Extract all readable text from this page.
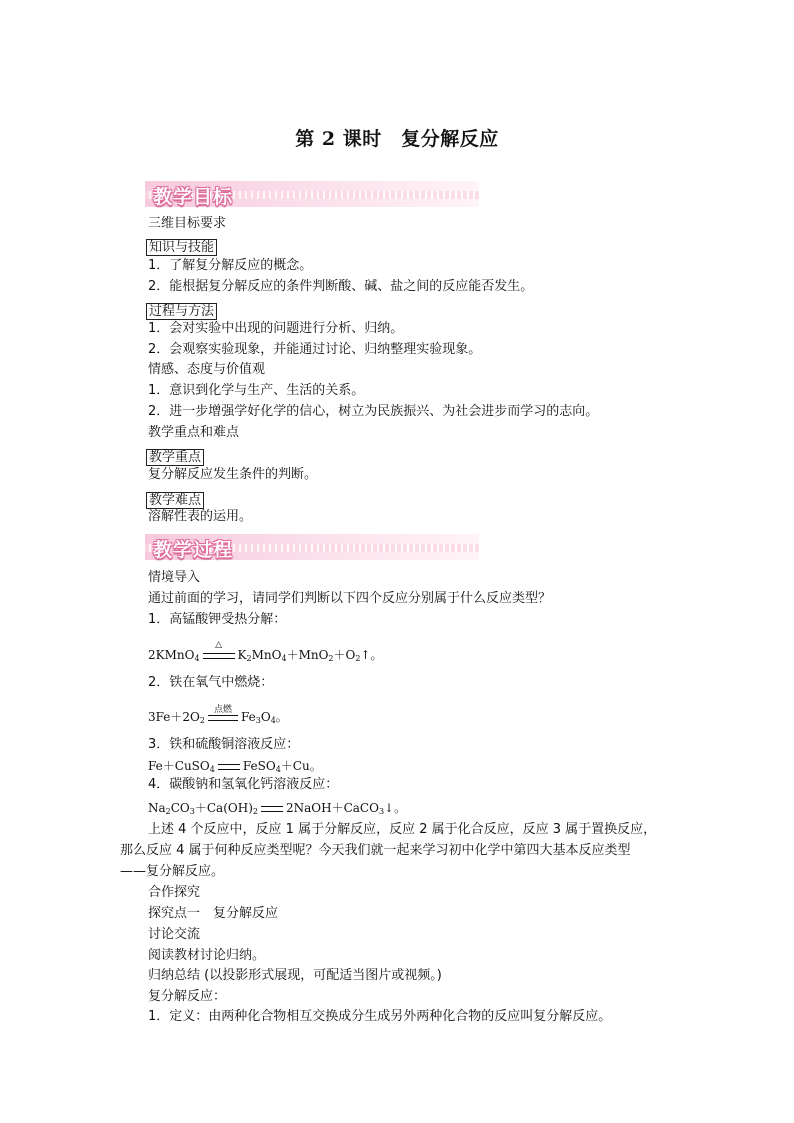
第 2 课时　复分解反应
教学目标
三维目标要求
知识与技能
1．了解复分解反应的概念。
2．能根据复分解反应的条件判断酸、碱、盐之间的反应能否发生。
过程与方法
1．会对实验中出现的问题进行分析、归纳。
2．会观察实验现象，并能通过讨论、归纳整理实验现象。
情感、态度与价值观
1．意识到化学与生产、生活的关系。
2．进一步增强学好化学的信心，树立为民族振兴、为社会进步而学习的志向。
教学重点和难点
教学重点
复分解反应发生条件的判断。
教学难点
溶解性表的运用。
教学过程
情境导入
通过前面的学习，请同学们判断以下四个反应分别属于什么反应类型？
1．高锰酸钾受热分解：
2KMnO$_4$
△
$K_2MnO_4+MnO_2+O_2↑$。
2．铁在氧气中燃烧：
$3Fe+2O_2$
点燃
$Fe_3O_4$。
3．铁和硫酸铜溶液反应：
Fe＋CuSO$_4$ FeSO$_4$＋Cu。
4．碳酸钠和氢氧化钙溶液反应：
$Na_2CO_3+Ca(OH)_2$ 2NaOH＋CaCO$_3$↓。
上述 4 个反应中，反应 1 属于分解反应，反应 2 属于化合反应，反应 3 属于置换反应，
那么反应 4 属于何种反应类型呢？今天我们就一起来学习初中化学中第四大基本反应类型
——复分解反应。
合作探究
探究点一　复分解反应
讨论交流
阅读教材讨论归纳。
归纳总结 (以投影形式展现，可配适当图片或视频。)
复分解反应：
1．定义：由两种化合物相互交换成分生成另外两种化合物的反应叫复分解反应。
